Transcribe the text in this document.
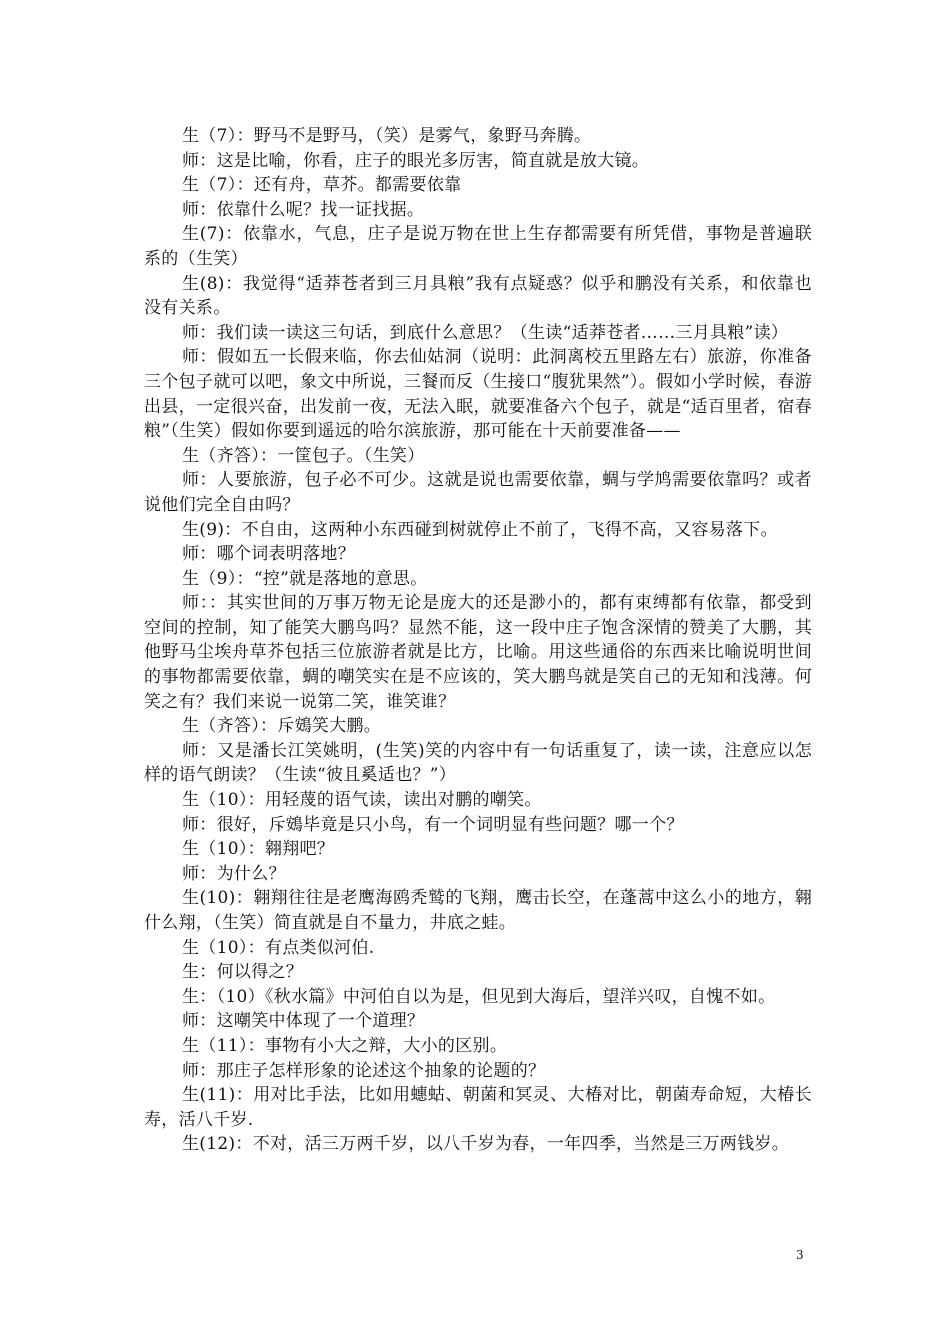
生（7）：野马不是野马，（笑）是雾气，象野马奔腾。

师：这是比喻，你看，庄子的眼光多厉害，简直就是放大镜。

生（7）：还有舟，草芥。都需要依靠

师：依靠什么呢？找一证找据。

生(7)：依靠水，气息，庄子是说万物在世上生存都需要有所凭借，事物是普遍联系的（生笑）

生(8)：我觉得“适莽苍者到三月具粮”我有点疑惑？似乎和鹏没有关系，和依靠也没有关系。

师：我们读一读这三句话，到底什么意思？（生读“适莽苍者……三月具粮”读）

师：假如五一长假来临，你去仙姑洞（说明：此洞离校五里路左右）旅游，你准备三个包子就可以吧，象文中所说，三餐而反（生接口“腹犹果然”）。假如小学时候，春游出县，一定很兴奋，出发前一夜，无法入眠，就要准备六个包子，就是“适百里者，宿春粮”（生笑）假如你要到遥远的哈尔滨旅游，那可能在十天前要准备——

生（齐答）：一筐包子。（生笑）

师：人要旅游，包子必不可少。这就是说也需要依靠，蜩与学鸠需要依靠吗？或者说他们完全自由吗？

生(9)：不自由，这两种小东西碰到树就停止不前了，飞得不高，又容易落下。

师：哪个词表明落地？

生（9）：“控”就是落地的意思。

师：：其实世间的万事万物无论是庞大的还是渺小的，都有束缚都有依靠，都受到空间的控制，知了能笑大鹏鸟吗？显然不能，这一段中庄子饱含深情的赞美了大鹏，其他野马尘埃舟草芥包括三位旅游者就是比方，比喻。用这些通俗的东西来比喻说明世间的事物都需要依靠，蜩的嘲笑实在是不应该的，笑大鹏鸟就是笑自己的无知和浅薄。何笑之有？我们来说一说第二笑，谁笑谁？

生（齐答）：斥鴳笑大鹏。

师：又是潘长江笑姚明，(生笑)笑的内容中有一句话重复了，读一读，注意应以怎样的语气朗读？（生读“彼且奚适也？”）

生（10）：用轻蔑的语气读，读出对鹏的嘲笑。

师：很好，斥鴳毕竟是只小鸟，有一个词明显有些问题？哪一个？

生（10）：翱翔吧？

师：为什么？

生(10)：翱翔往往是老鹰海鸥秃鹫的飞翔，鹰击长空，在蓬蒿中这么小的地方，翱什么翔，（生笑）简直就是自不量力，井底之蛙。

生（10）：有点类似河伯.

生：何以得之？

生：（10）《秋水篇》中河伯自以为是，但见到大海后，望洋兴叹，自愧不如。

师：这嘲笑中体现了一个道理？

生（11）：事物有小大之辩，大小的区别。

师：那庄子怎样形象的论述这个抽象的论题的？

生(11)：用对比手法，比如用蟪蛄、朝菌和冥灵、大椿对比，朝菌寿命短，大椿长寿，活八千岁.

生(12)：不对，活三万两千岁，以八千岁为春，一年四季，当然是三万两钱岁。

3
